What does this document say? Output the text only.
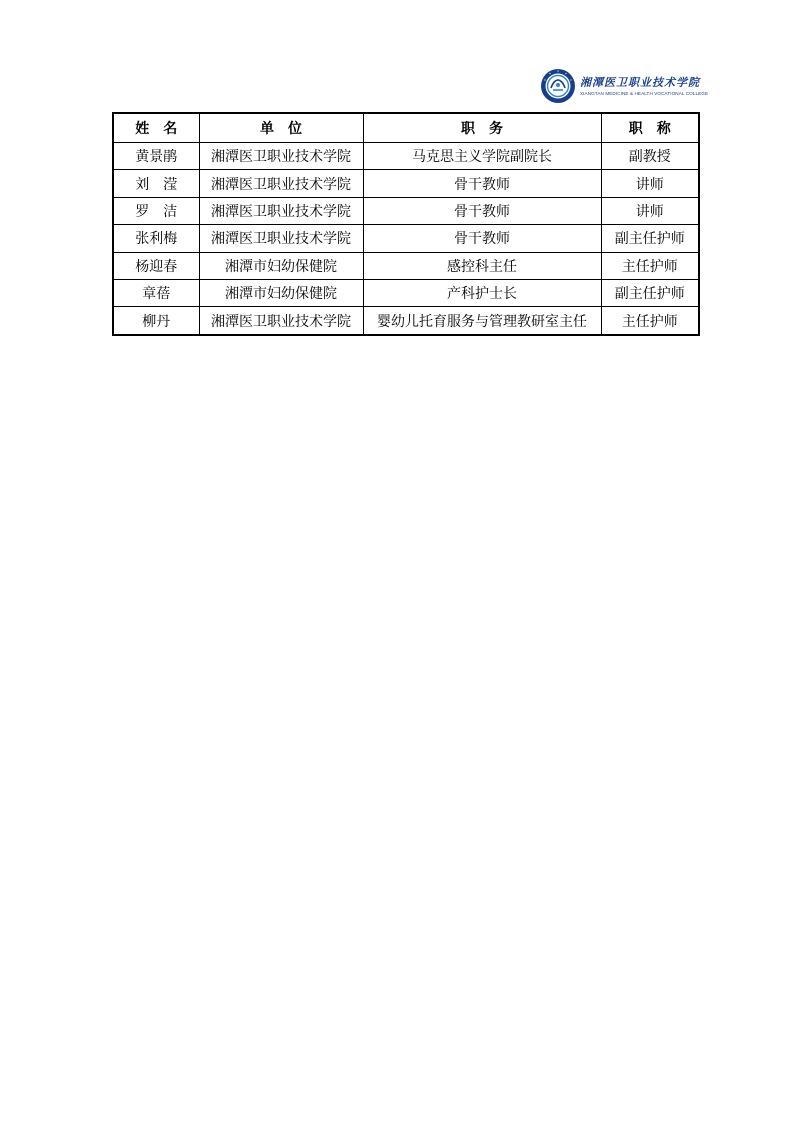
湘潭医卫职业技术学院
XIANGTAN MEDICINE & HEALTH VOCATIONAL COLLEGE
姓　名	单　位	职　务	职　称
黄景鹃	湘潭医卫职业技术学院	马克思主义学院副院长	副教授
刘　滢	湘潭医卫职业技术学院	骨干教师	讲师
罗　洁	湘潭医卫职业技术学院	骨干教师	讲师
张利梅	湘潭医卫职业技术学院	骨干教师	副主任护师
杨迎春	湘潭市妇幼保健院	感控科主任	主任护师
章蓓	湘潭市妇幼保健院	产科护士长	副主任护师
柳丹	湘潭医卫职业技术学院	婴幼儿托育服务与管理教研室主任	主任护师
